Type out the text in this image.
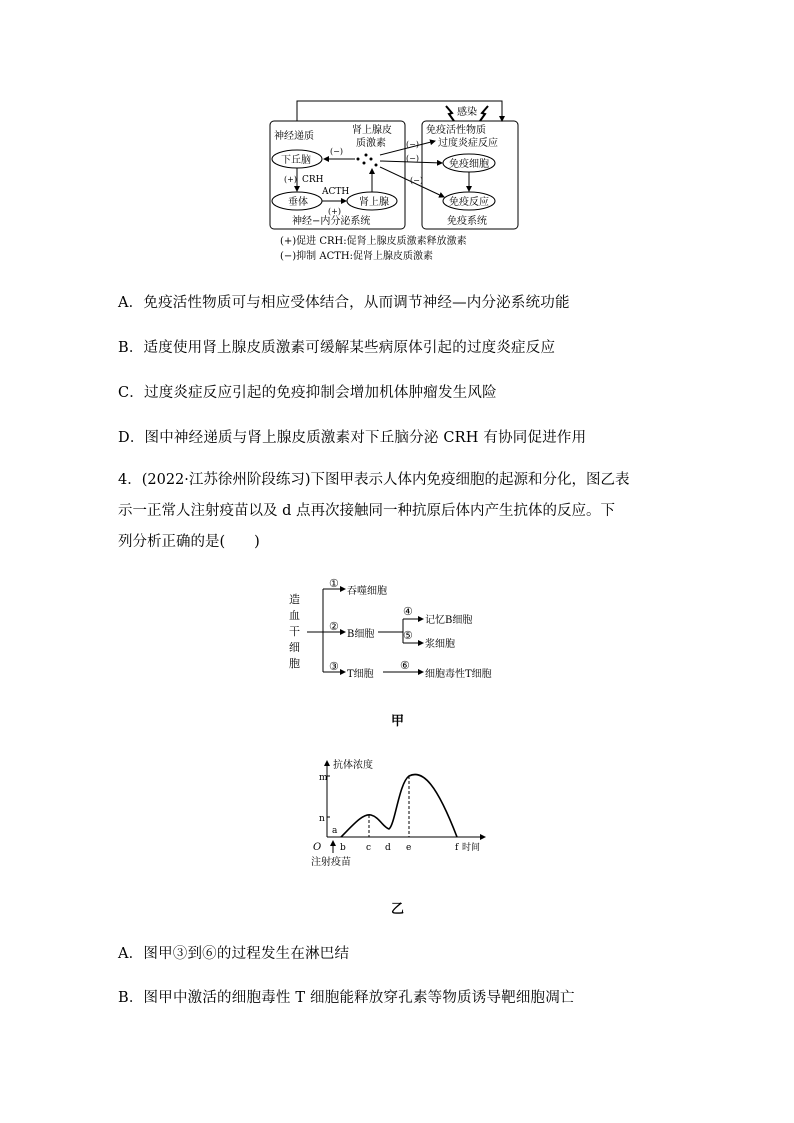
感染
神经递质
肾上腺皮
质激素
免疫活性物质
过度炎症反应
下丘脑
垂体	肾上腺
免疫细胞
免疫反应
(+) CRH
ACTH
(+)
(−)
(−)
(−)
(−)
神经−内分泌系统	免疫系统
(+)促进 CRH:促肾上腺皮质激素释放激素
(−)抑制 ACTH:促肾上腺皮质激素
A．免疫活性物质可与相应受体结合，从而调节神经—内分泌系统功能
B．适度使用肾上腺皮质激素可缓解某些病原体引起的过度炎症反应
C．过度炎症反应引起的免疫抑制会增加机体肿瘤发生风险
D．图中神经递质与肾上腺皮质激素对下丘脑分泌 CRH 有协同促进作用
4．(2022·江苏徐州阶段练习)下图甲表示人体内免疫细胞的起源和分化，图乙表
示一正常人注射疫苗以及 d 点再次接触同一种抗原后体内产生抗体的反应。下
列分析正确的是(　　)
造
血
干
细
胞
①
②
③
吞噬细胞
B细胞
T细胞
④
⑤
记忆B细胞
浆细胞
⑥
细胞毒性T细胞
甲
抗体浓度
m
n
a
O b c d e	f 时间
注射疫苗
乙
A．图甲③到⑥的过程发生在淋巴结
B．图甲中激活的细胞毒性 T 细胞能释放穿孔素等物质诱导靶细胞凋亡
